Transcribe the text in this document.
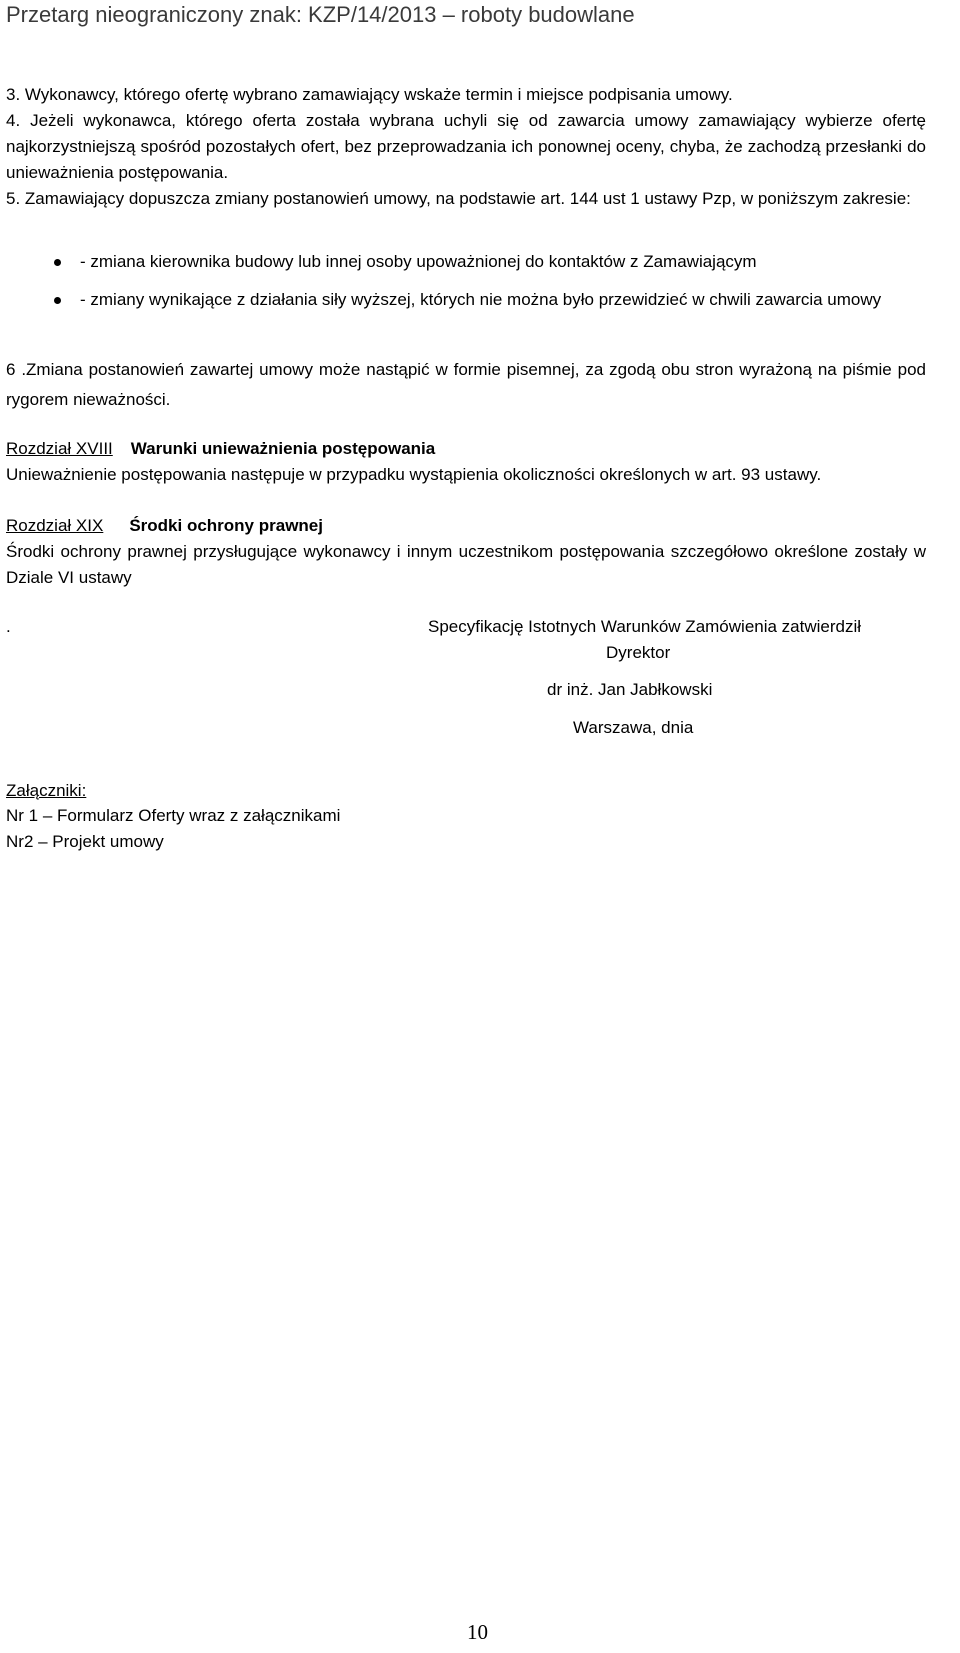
Przetarg nieograniczony znak: KZP/14/2013 – roboty budowlane
3. Wykonawcy, którego ofertę wybrano zamawiający wskaże termin i miejsce podpisania umowy.
4. Jeżeli wykonawca, którego oferta została wybrana uchyli się od zawarcia umowy zamawiający wybierze ofertę najkorzystniejszą spośród pozostałych ofert, bez przeprowadzania ich ponownej oceny, chyba, że zachodzą przesłanki do unieważnienia postępowania.
5. Zamawiający dopuszcza zmiany postanowień umowy, na podstawie art. 144 ust 1 ustawy Pzp, w poniższym zakresie:
- zmiana kierownika budowy lub innej osoby upoważnionej do kontaktów z Zamawiającym
- zmiany wynikające z działania siły wyższej, których nie można było przewidzieć w chwili zawarcia umowy
6 .Zmiana postanowień zawartej umowy może nastąpić w formie pisemnej, za zgodą obu stron wyrażoną na piśmie pod rygorem nieważności.
Rozdział XVIII Warunki unieważnienia postępowania
Unieważnienie postępowania następuje w przypadku wystąpienia okoliczności określonych w art. 93 ustawy.
Rozdział XIX Środki ochrony prawnej
Środki ochrony prawnej przysługujące wykonawcy i innym uczestnikom postępowania szczegółowo określone zostały w Dziale VI ustawy
.	Specyfikację Istotnych Warunków Zamówienia zatwierdził
Dyrektor
dr inż. Jan Jabłkowski
Warszawa, dnia
Załączniki:
Nr 1 – Formularz Oferty wraz z załącznikami
Nr2 – Projekt umowy
10
